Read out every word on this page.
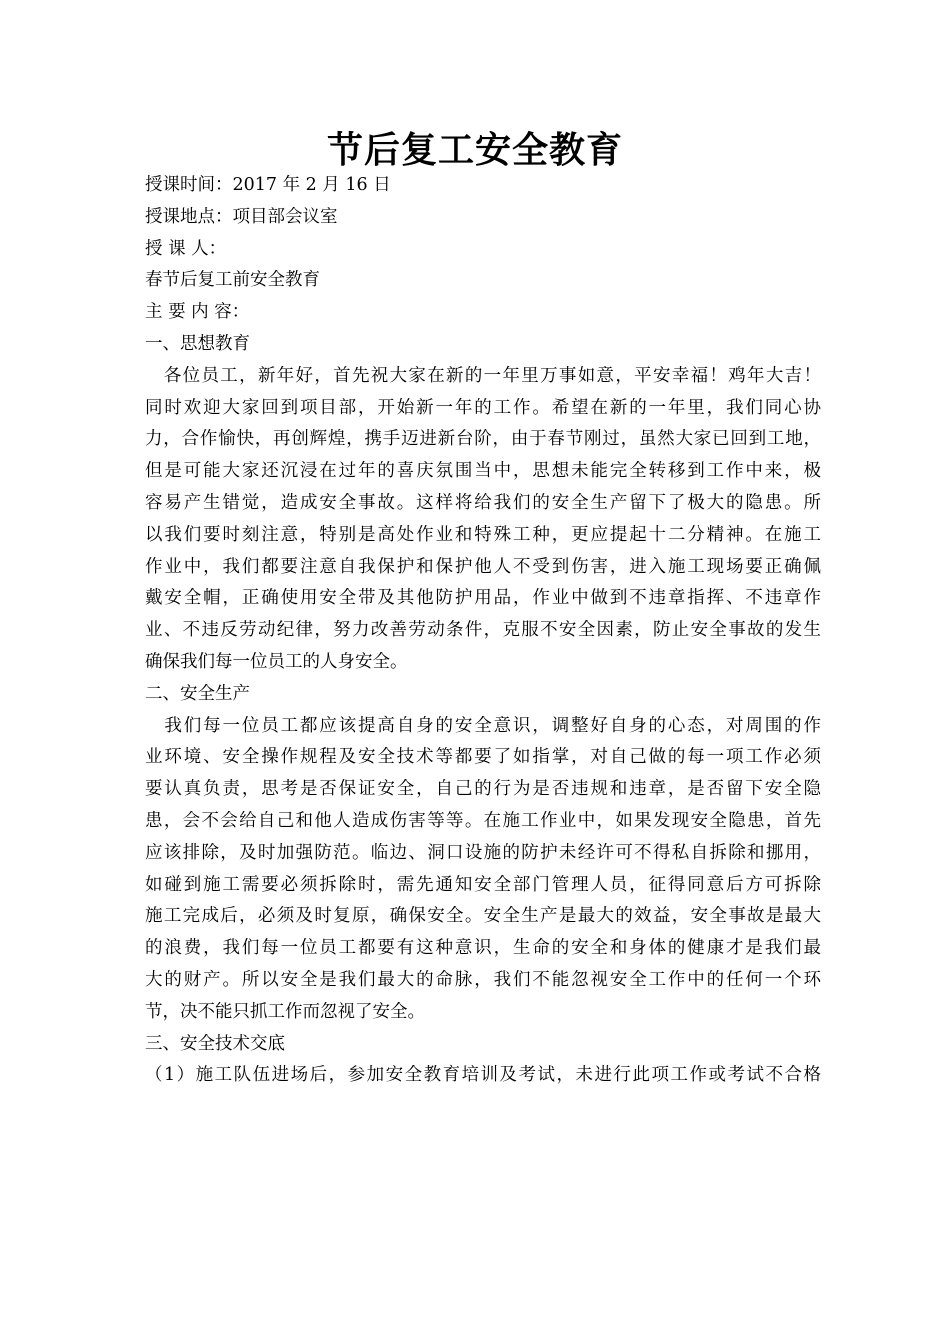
节后复工安全教育
授课时间：2017 年 2 月 16 日
授课地点：项目部会议室
授 课 人：
春节后复工前安全教育
主 要 内 容：
一、思想教育
　各位员工，新年好，首先祝大家在新的一年里万事如意，平安幸福！鸡年大吉！
同时欢迎大家回到项目部，开始新一年的工作。希望在新的一年里，我们同心协
力，合作愉快，再创辉煌，携手迈进新台阶，由于春节刚过，虽然大家已回到工地，
但是可能大家还沉浸在过年的喜庆氛围当中，思想未能完全转移到工作中来，极
容易产生错觉，造成安全事故。这样将给我们的安全生产留下了极大的隐患。所
以我们要时刻注意，特别是高处作业和特殊工种，更应提起十二分精神。在施工
作业中，我们都要注意自我保护和保护他人不受到伤害，进入施工现场要正确佩
戴安全帽，正确使用安全带及其他防护用品，作业中做到不违章指挥、不违章作
业、不违反劳动纪律，努力改善劳动条件，克服不安全因素，防止安全事故的发生
确保我们每一位员工的人身安全。
二、安全生产
　我们每一位员工都应该提高自身的安全意识，调整好自身的心态，对周围的作
业环境、安全操作规程及安全技术等都要了如指掌，对自己做的每一项工作必须
要认真负责，思考是否保证安全，自己的行为是否违规和违章，是否留下安全隐
患，会不会给自己和他人造成伤害等等。在施工作业中，如果发现安全隐患，首先
应该排除，及时加强防范。临边、洞口设施的防护未经许可不得私自拆除和挪用，
如碰到施工需要必须拆除时，需先通知安全部门管理人员，征得同意后方可拆除
施工完成后，必须及时复原，确保安全。安全生产是最大的效益，安全事故是最大
的浪费，我们每一位员工都要有这种意识，生命的安全和身体的健康才是我们最
大的财产。所以安全是我们最大的命脉，我们不能忽视安全工作中的任何一个环
节，决不能只抓工作而忽视了安全。
三、安全技术交底
（1）施工队伍进场后，参加安全教育培训及考试，未进行此项工作或考试不合格
